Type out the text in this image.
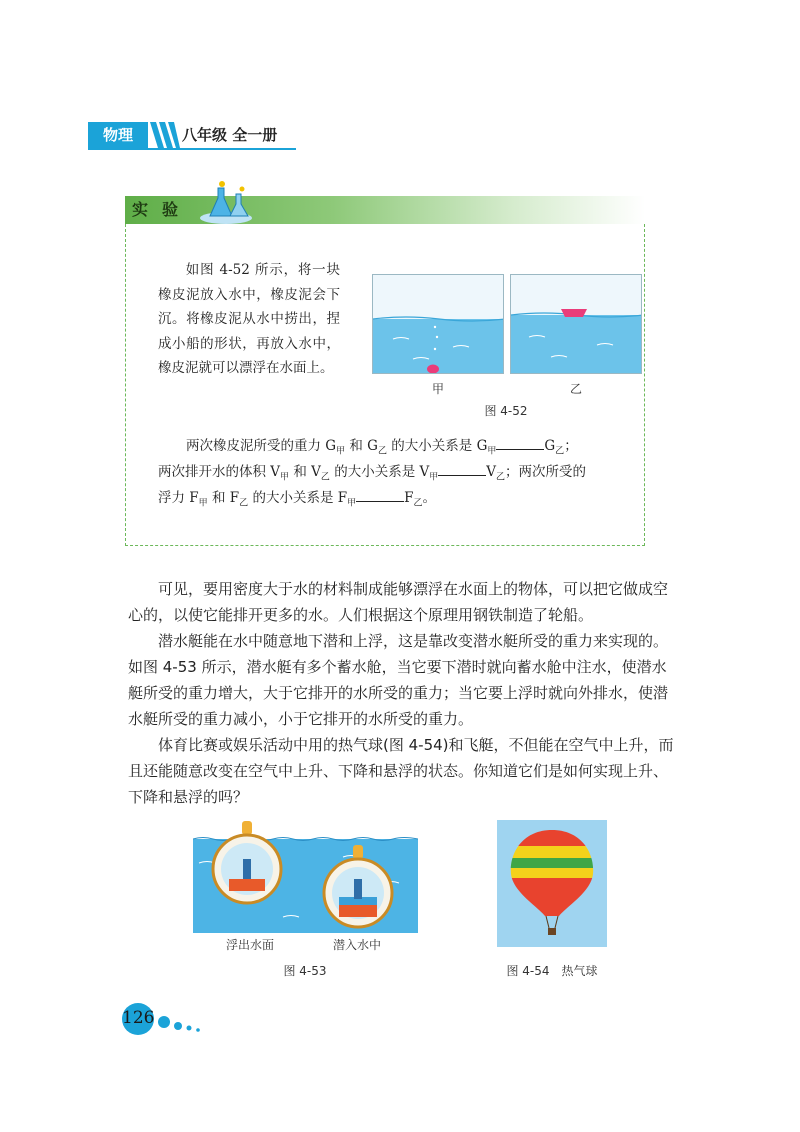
物理	八年级 全一册
实验
如图 4-52 所示，将一块橡皮泥放入水中，橡皮泥会下沉。将橡皮泥从水中捞出，捏成小船的形状，再放入水中，橡皮泥就可以漂浮在水面上。
两次橡皮泥所受的重力 $G_甲$ 和 $G_乙$ 的大小关系是 $G_甲$	$G_乙$；
两次排开水的体积 $V_甲$ 和 $V_乙$ 的大小关系是 $V_甲$	$V_乙$；两次所受的
浮力 $F_甲$ 和 $F_乙$ 的大小关系是 $F_甲$	$F_乙$。
甲	乙
图 4-52
可见，要用密度大于水的材料制成能够漂浮在水面上的物体，可以把它做成空心的，以使它能排开更多的水。人们根据这个原理用钢铁制造了轮船。
潜水艇能在水中随意地下潜和上浮，这是靠改变潜水艇所受的重力来实现的。如图 4-53 所示，潜水艇有多个蓄水舱，当它要下潜时就向蓄水舱中注水，使潜水艇所受的重力增大，大于它排开的水所受的重力；当它要上浮时就向外排水，使潜水艇所受的重力减小，小于它排开的水所受的重力。
体育比赛或娱乐活动中用的热气球(图 4-54)和飞艇，不但能在空气中上升，而且还能随意改变在空气中上升、下降和悬浮的状态。你知道它们是如何实现上升、下降和悬浮的吗？
浮出水面	潜入水中
图 4-53	图 4-54　热气球
126
